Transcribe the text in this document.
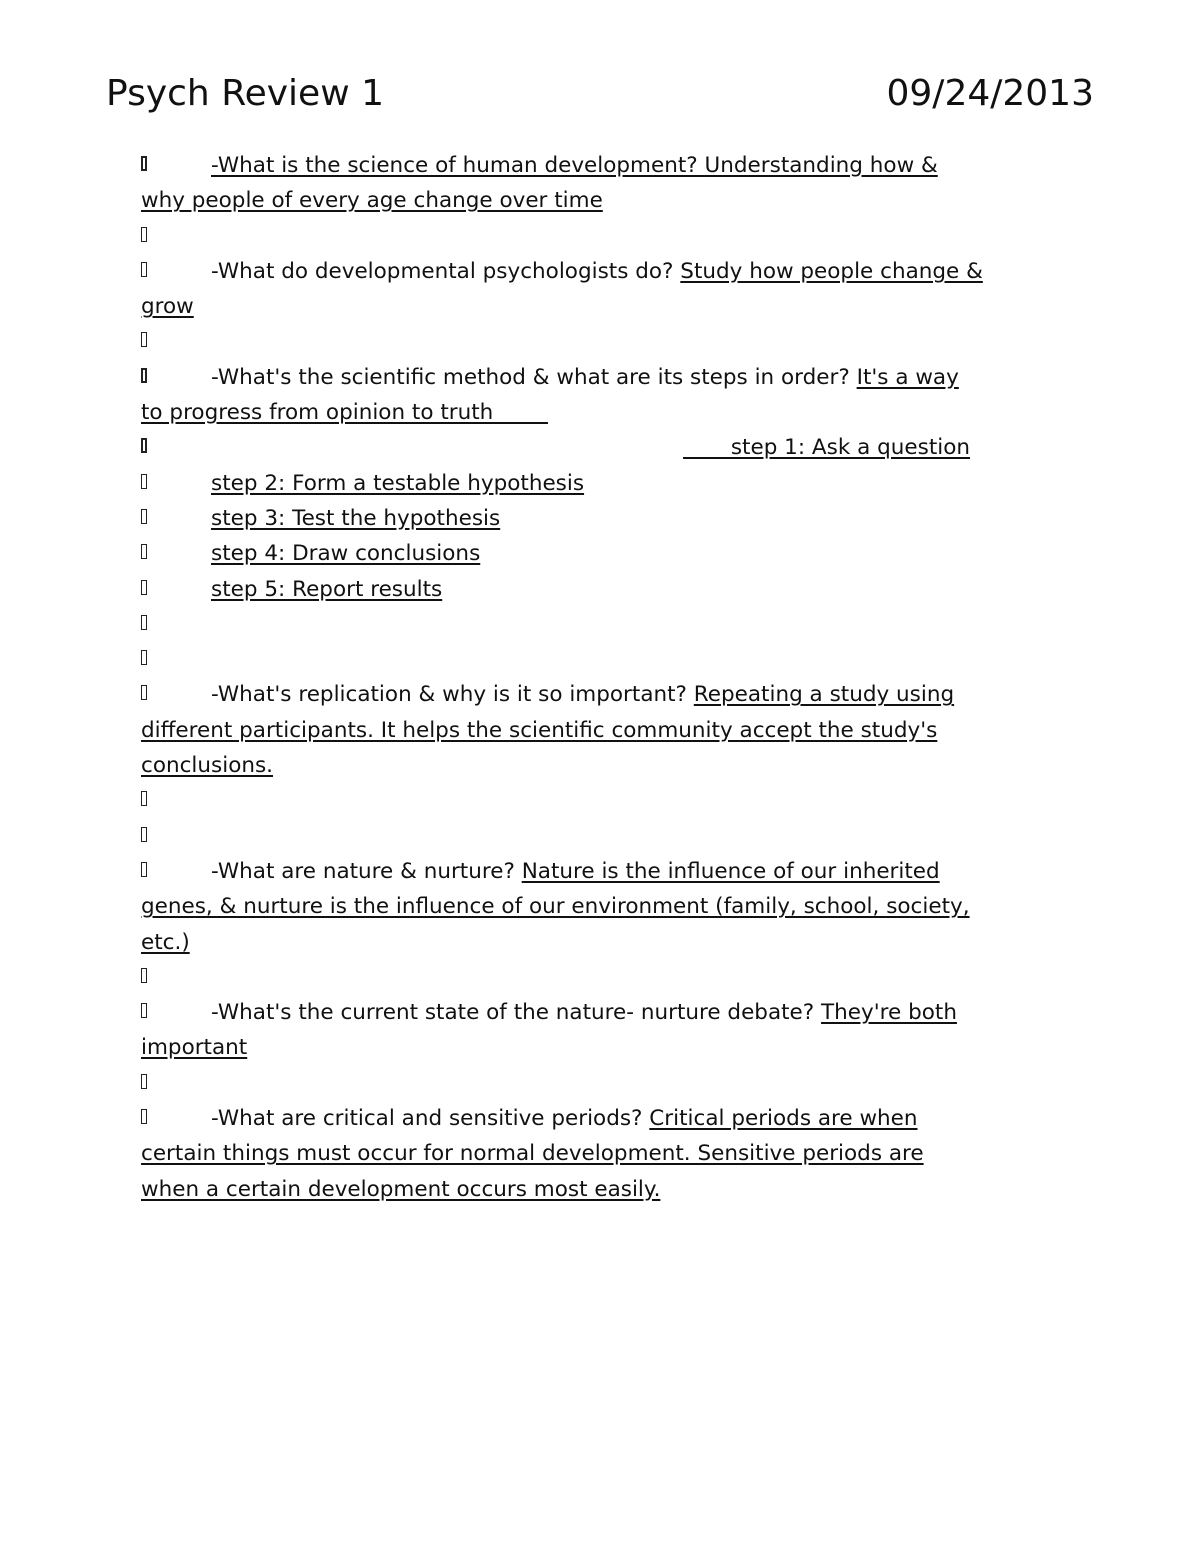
Psych Review 1	09/24/2013
-What is the science of human development? Understanding how &
why people of every age change over time
-What do developmental psychologists do? Study how people change &
grow
-What's the scientific method & what are its steps in order? It's a way
to progress from opinion to truth
step 1: Ask a question
step 2: Form a testable hypothesis
step 3: Test the hypothesis
step 4: Draw conclusions
step 5: Report results
-What's replication & why is it so important? Repeating a study using
different participants. It helps the scientific community accept the study's
conclusions.
-What are nature & nurture? Nature is the influence of our inherited
genes, & nurture is the influence of our environment (family, school, society,
etc.)
-What's the current state of the nature- nurture debate? They're both
important
-What are critical and sensitive periods? Critical periods are when
certain things must occur for normal development. Sensitive periods are
when a certain development occurs most easily.
